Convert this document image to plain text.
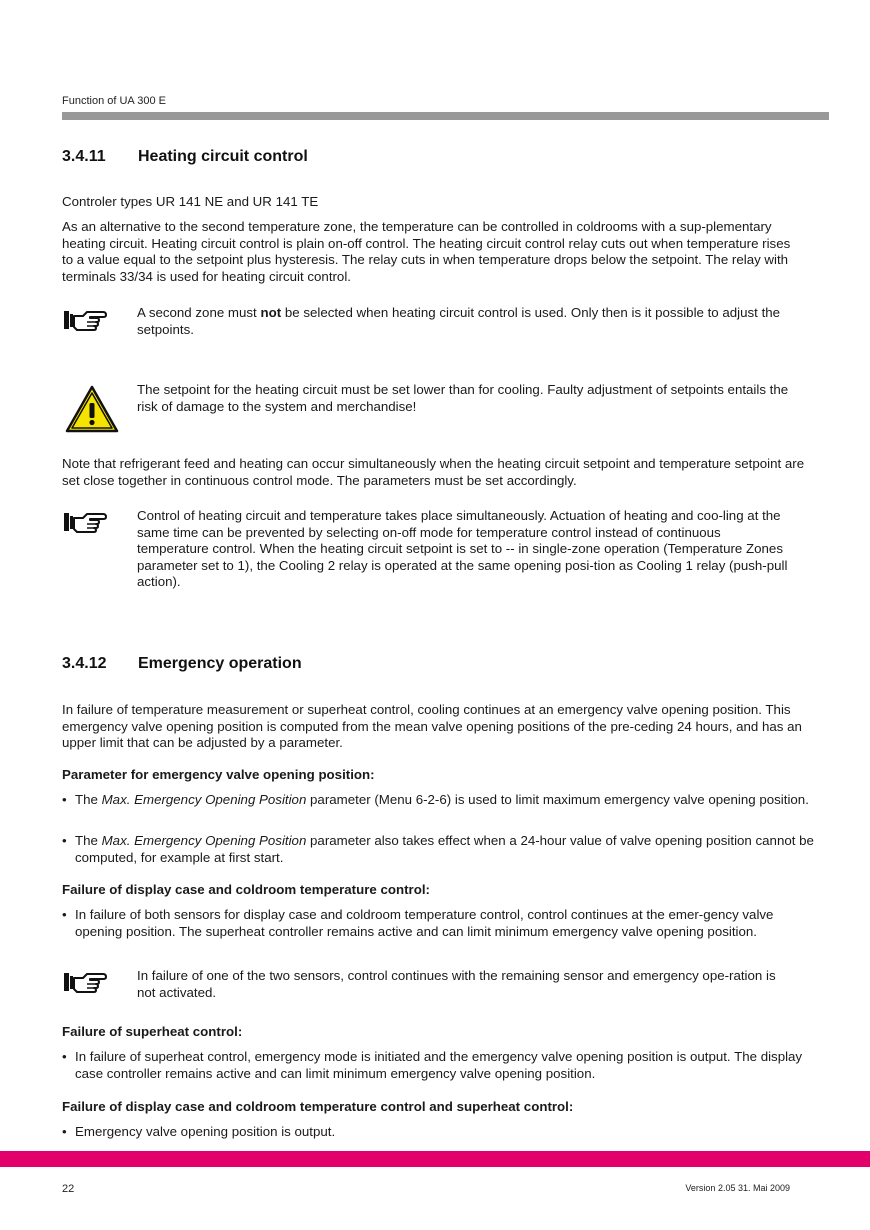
Function of UA 300 E
3.4.11 Heating circuit control

Controler types UR 141 NE and UR 141 TE

As an alternative to the second temperature zone, the temperature can be controlled in coldrooms with a sup-plementary heating circuit. Heating circuit control is plain on-off control. The heating circuit control relay cuts out when temperature rises to a value equal to the setpoint plus hysteresis. The relay cuts in when temperature drops below the setpoint. The relay with terminals 33/34 is used for heating circuit control.

A second zone must not be selected when heating circuit control is used. Only then is it possible to adjust the setpoints.

The setpoint for the heating circuit must be set lower than for cooling. Faulty adjustment of setpoints entails the risk of damage to the system and merchandise!

Note that refrigerant feed and heating can occur simultaneously when the heating circuit setpoint and temperature setpoint are set close together in continuous control mode. The parameters must be set accordingly.

Control of heating circuit and temperature takes place simultaneously. Actuation of heating and coo-ling at the same time can be prevented by selecting on-off mode for temperature control instead of continuous temperature control. When the heating circuit setpoint is set to -- in single-zone operation (Temperature Zones parameter set to 1), the Cooling 2 relay is operated at the same opening posi-tion as Cooling 1 relay (push-pull action).

3.4.12 Emergency operation

In failure of temperature measurement or superheat control, cooling continues at an emergency valve opening position. This emergency valve opening position is computed from the mean valve opening positions of the pre-ceding 24 hours, and has an upper limit that can be adjusted by a parameter.

Parameter for emergency valve opening position:
• The Max. Emergency Opening Position parameter (Menu 6-2-6) is used to limit maximum emergency valve opening position.
• The Max. Emergency Opening Position parameter also takes effect when a 24-hour value of valve opening position cannot be computed, for example at first start.
Failure of display case and coldroom temperature control:
• In failure of both sensors for display case and coldroom temperature control, control continues at the emer-gency valve opening position. The superheat controller remains active and can limit minimum emergency valve opening position.

In failure of one of the two sensors, control continues with the remaining sensor and emergency ope-ration is not activated.

Failure of superheat control:
• In failure of superheat control, emergency mode is initiated and the emergency valve opening position is output. The display case controller remains active and can limit minimum emergency valve opening position.
Failure of display case and coldroom temperature control and superheat control:
• Emergency valve opening position is output.
22	Version 2.05 31. Mai 2009
